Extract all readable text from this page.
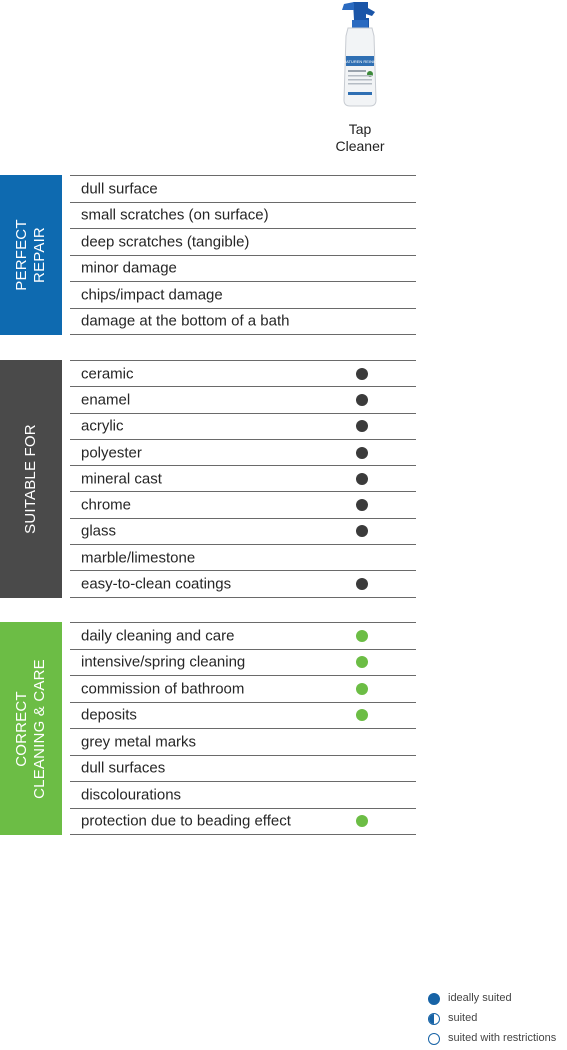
ARMATUREN REINIGER
Tap
Cleaner
PERFECT REPAIR
dull surface
small scratches (on surface)
deep scratches (tangible)
minor damage
chips/impact damage
damage at the bottom of a bath
SUITABLE FOR
ceramic
enamel
acrylic
polyester
mineral cast
chrome
glass
marble/limestone
easy-to-clean coatings
CORRECT CLEANING & CARE
daily cleaning and care
intensive/spring cleaning
commission of bathroom
deposits
grey metal marks
dull surfaces
discolourations
protection due to beading effect
ideally suited
suited
suited with restrictions
